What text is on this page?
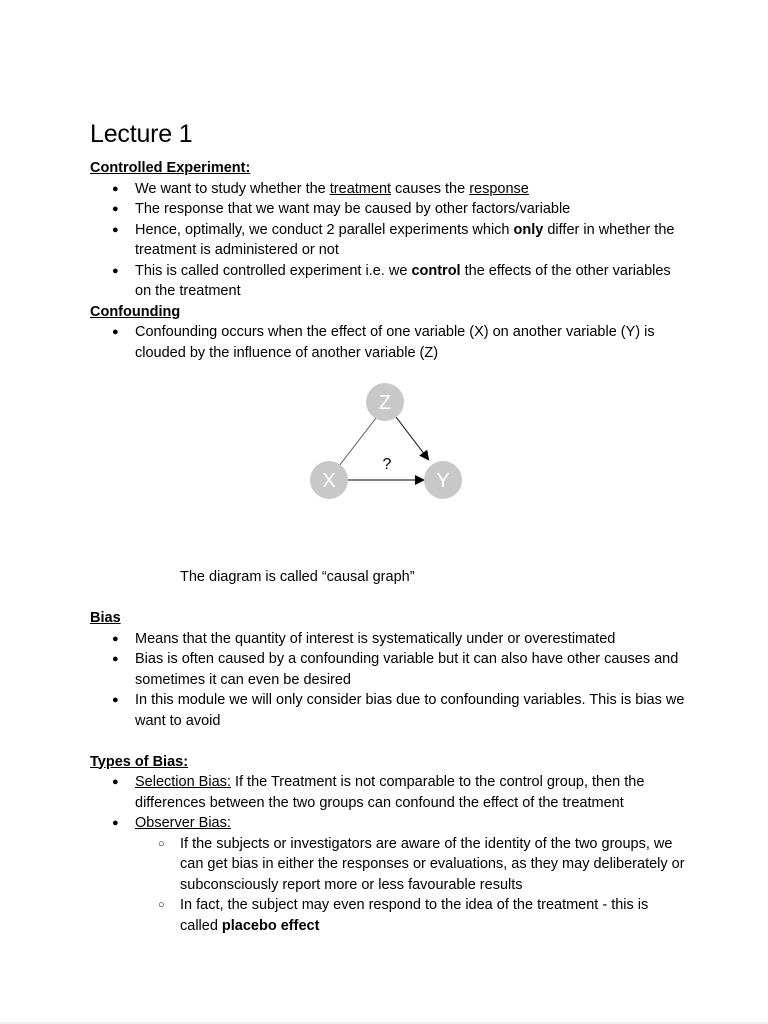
Lecture 1
Controlled Experiment:
● We want to study whether the treatment causes the response
● The response that we want may be caused by other factors/variable
● Hence, optimally, we conduct 2 parallel experiments which only differ in whether the treatment is administered or not
● This is called controlled experiment i.e. we control the effects of the other variables on the treatment
Confounding
● Confounding occurs when the effect of one variable (X) on another variable (Y) is clouded by the influence of another variable (Z)
Z
X	Y
?
The diagram is called “causal graph”
Bias
● Means that the quantity of interest is systematically under or overestimated
● Bias is often caused by a confounding variable but it can also have other causes and sometimes it can even be desired
● In this module we will only consider bias due to confounding variables. This is bias we want to avoid
Types of Bias:
● Selection Bias: If the Treatment is not comparable to the control group, then the differences between the two groups can confound the effect of the treatment
● Observer Bias:
○ If the subjects or investigators are aware of the identity of the two groups, we can get bias in either the responses or evaluations, as they may deliberately or subconsciously report more or less favourable results
○ In fact, the subject may even respond to the idea of the treatment - this is called placebo effect
